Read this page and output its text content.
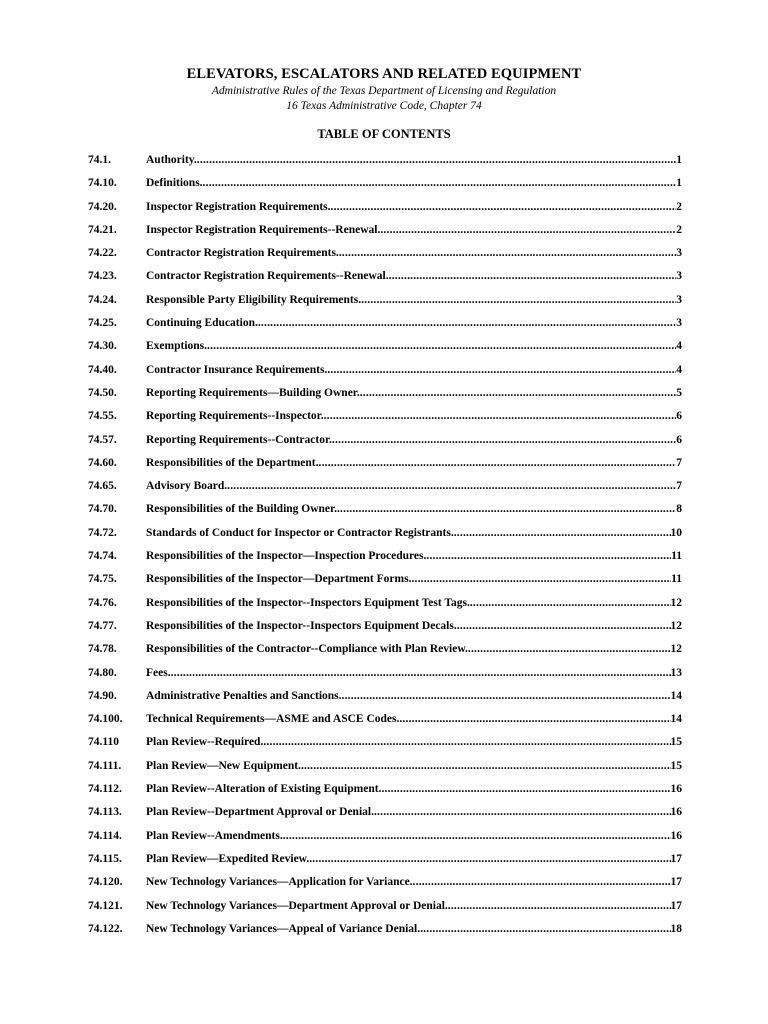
ELEVATORS, ESCALATORS AND RELATED EQUIPMENT
Administrative Rules of the Texas Department of Licensing and Regulation
16 Texas Administrative Code, Chapter 74
TABLE OF CONTENTS
74.1.	Authority. .....	1
74.10.	Definitions. .....	1
74.20.	Inspector Registration Requirements. .....	2
74.21.	Inspector Registration Requirements--Renewal. .....	2
74.22.	Contractor Registration Requirements. .....	3
74.23.	Contractor Registration Requirements--Renewal. .....	3
74.24.	Responsible Party Eligibility Requirements. .....	3
74.25.	Continuing Education. .....	3
74.30.	Exemptions. .....	4
74.40.	Contractor Insurance Requirements. .....	4
74.50.	Reporting Requirements—Building Owner. .....	5
74.55.	Reporting Requirements--Inspector. .....	6
74.57.	Reporting Requirements--Contractor. .....	6
74.60.	Responsibilities of the Department. .....	7
74.65.	Advisory Board. .....	7
74.70.	Responsibilities of the Building Owner. .....	8
74.72.	Standards of Conduct for Inspector or Contractor Registrants. .....	10
74.74.	Responsibilities of the Inspector—Inspection Procedures. .....	11
74.75.	Responsibilities of the Inspector—Department Forms. .....	11
74.76.	Responsibilities of the Inspector--Inspectors Equipment Test Tags. .....	12
74.77.	Responsibilities of the Inspector--Inspectors Equipment Decals. .....	12
74.78.	Responsibilities of the Contractor--Compliance with Plan Review. .....	12
74.80.	Fees. .....	13
74.90.	Administrative Penalties and Sanctions. .....	14
74.100.	Technical Requirements—ASME and ASCE Codes. .....	14
74.110	Plan Review--Required. .....	15
74.111.	Plan Review—New Equipment. .....	15
74.112.	Plan Review--Alteration of Existing Equipment. .....	16
74.113.	Plan Review--Department Approval or Denial. .....	16
74.114.	Plan Review--Amendments. .....	16
74.115.	Plan Review—Expedited Review. .....	17
74.120.	New Technology Variances—Application for Variance. .....	17
74.121.	New Technology Variances—Department Approval or Denial. .....	17
74.122.	New Technology Variances—Appeal of Variance Denial. .....	18
